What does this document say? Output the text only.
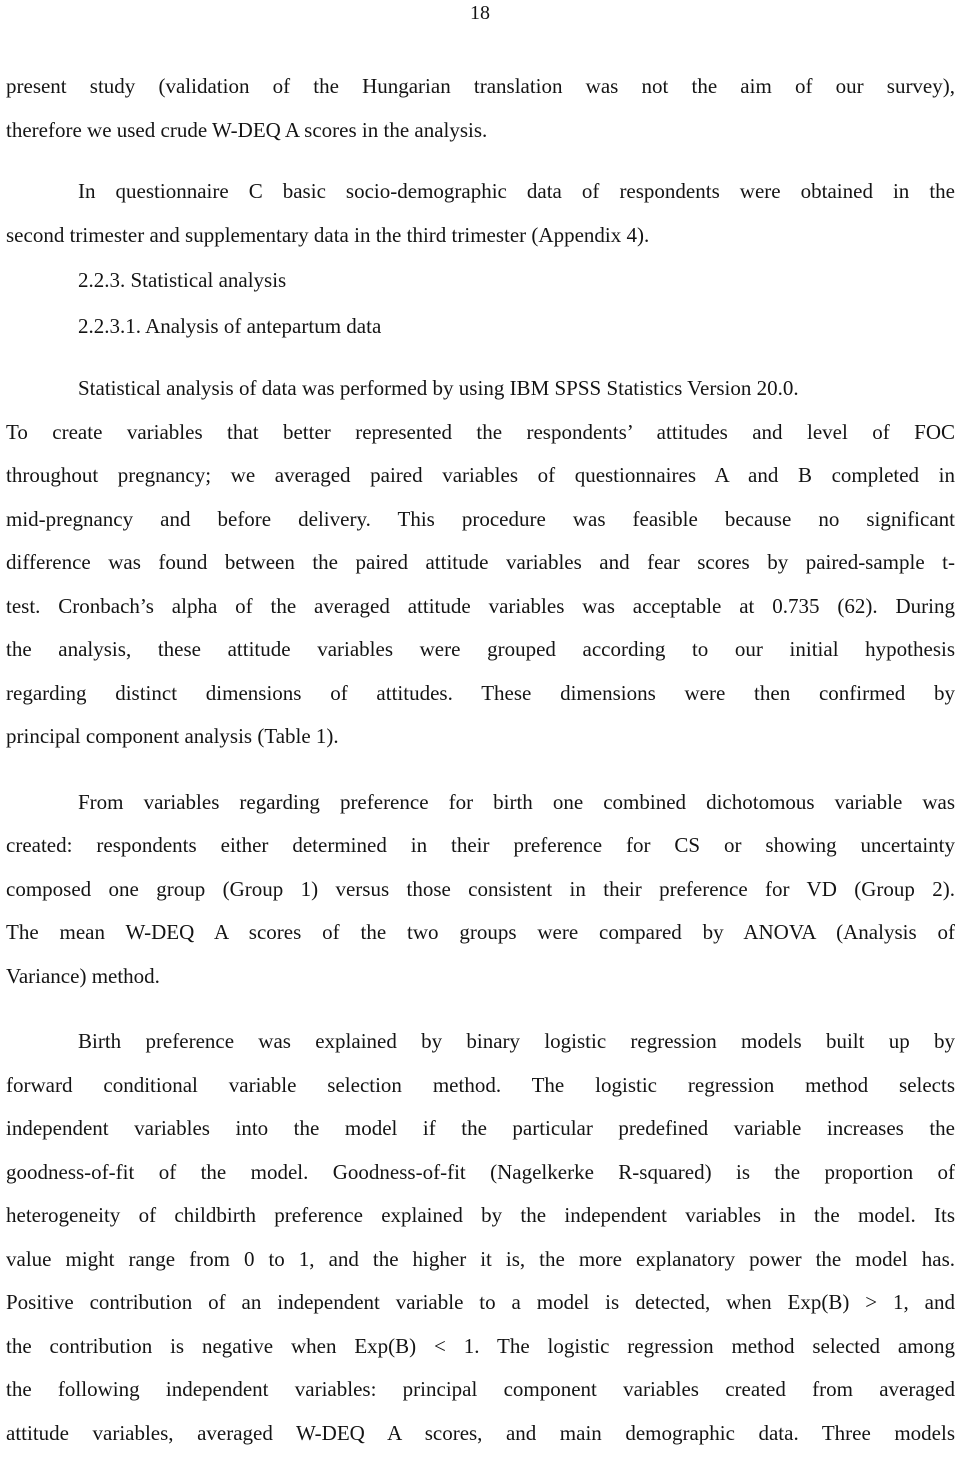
18

present study (validation of the Hungarian translation was not the aim of our survey),

therefore we used crude W-DEQ A scores in the analysis.

In questionnaire C basic socio-demographic data of respondents were obtained in the

second trimester and supplementary data in the third trimester (Appendix 4).

2.2.3. Statistical analysis
2.2.3.1. Analysis of antepartum data

Statistical analysis of data was performed by using IBM SPSS Statistics Version 20.0.

To create variables that better represented the respondents’ attitudes and level of FOC

throughout pregnancy; we averaged paired variables of questionnaires A and B completed in

mid-pregnancy and before delivery. This procedure was feasible because no significant

difference was found between the paired attitude variables and fear scores by paired-sample t-

test. Cronbach’s alpha of the averaged attitude variables was acceptable at 0.735 (62). During

the analysis, these attitude variables were grouped according to our initial hypothesis

regarding distinct dimensions of attitudes. These dimensions were then confirmed by

principal component analysis (Table 1).

From variables regarding preference for birth one combined dichotomous variable was

created: respondents either determined in their preference for CS or showing uncertainty

composed one group (Group 1) versus those consistent in their preference for VD (Group 2).

The mean W-DEQ A scores of the two groups were compared by ANOVA (Analysis of

Variance) method.

Birth preference was explained by binary logistic regression models built up by

forward conditional variable selection method. The logistic regression method selects

independent variables into the model if the particular predefined variable increases the

goodness-of-fit of the model. Goodness-of-fit (Nagelkerke R-squared) is the proportion of

heterogeneity of childbirth preference explained by the independent variables in the model. Its

value might range from 0 to 1, and the higher it is, the more explanatory power the model has.

Positive contribution of an independent variable to a model is detected, when Exp(B) > 1, and

the contribution is negative when Exp(B) < 1. The logistic regression method selected among

the following independent variables: principal component variables created from averaged

attitude variables, averaged W-DEQ A scores, and main demographic data. Three models
